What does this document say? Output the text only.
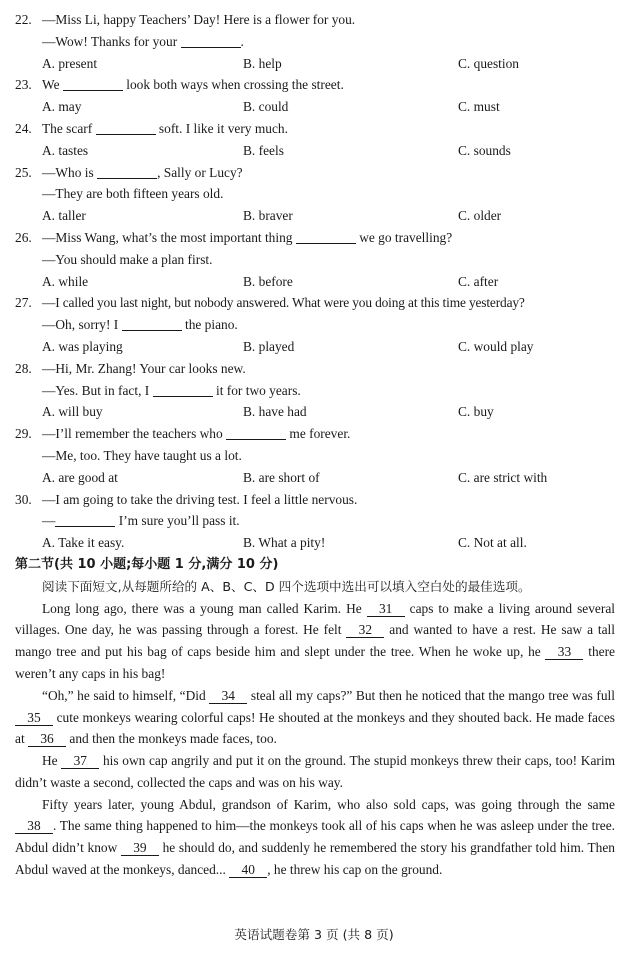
22. —Miss Li, happy Teachers’ Day! Here is a flower for you.
—Wow! Thanks for your	.
A. present	B. help	C. question
23. We	look both ways when crossing the street.
A. may	B. could	C. must
24. The scarf	soft. I like it very much.
A. tastes	B. feels	C. sounds
25. —Who is	, Sally or Lucy?
—They are both fifteen years old.
A. taller	B. braver	C. older
26. —Miss Wang, what’s the most important thing	we go travelling?
—You should make a plan first.
A. while	B. before	C. after
27. —I called you last night, but nobody answered. What were you doing at this time yesterday?
—Oh, sorry! I	the piano.
A. was playing	B. played	C. would play
28. —Hi, Mr. Zhang! Your car looks new.
—Yes. But in fact, I	it for two years.
A. will buy	B. have had	C. buy
29. —I’ll remember the teachers who	me forever.
—Me, too. They have taught us a lot.
A. are good at	B. are short of	C. are strict with
30. —I am going to take the driving test. I feel a little nervous.
—	I’m sure you’ll pass it.
A. Take it easy.	B. What a pity!	C. Not at all.
第二节(共 10 小题;每小题 1 分,满分 10 分)
阅读下面短文,从每题所给的 A、B、C、D 四个选项中选出可以填入空白处的最佳选项。
Long long ago, there was a young man called Karim. He 31 caps to make a living around several villages. One day, he was passing through a forest. He felt 32 and wanted to have a rest. He saw a tall mango tree and put his bag of caps beside him and slept under the tree. When he woke up, he 33 there weren’t any caps in his bag!
“Oh,” he said to himself, “Did 34 steal all my caps?” But then he noticed that the mango tree was full 35 cute monkeys wearing colorful caps! He shouted at the monkeys and they shouted back. He made faces at 36 and then the monkeys made faces, too.
He 37 his own cap angrily and put it on the ground. The stupid monkeys threw their caps, too! Karim didn’t waste a second, collected the caps and was on his way.
Fifty years later, young Abdul, grandson of Karim, who also sold caps, was going through the same 38 . The same thing happened to him—the monkeys took all of his caps when he was asleep under the tree. Abdul didn’t know 39 he should do, and suddenly he remembered the story his grandfather told him. Then Abdul waved at the monkeys, danced... 40 , he threw his cap on the ground.
英语试题卷第 3 页 (共 8 页)
